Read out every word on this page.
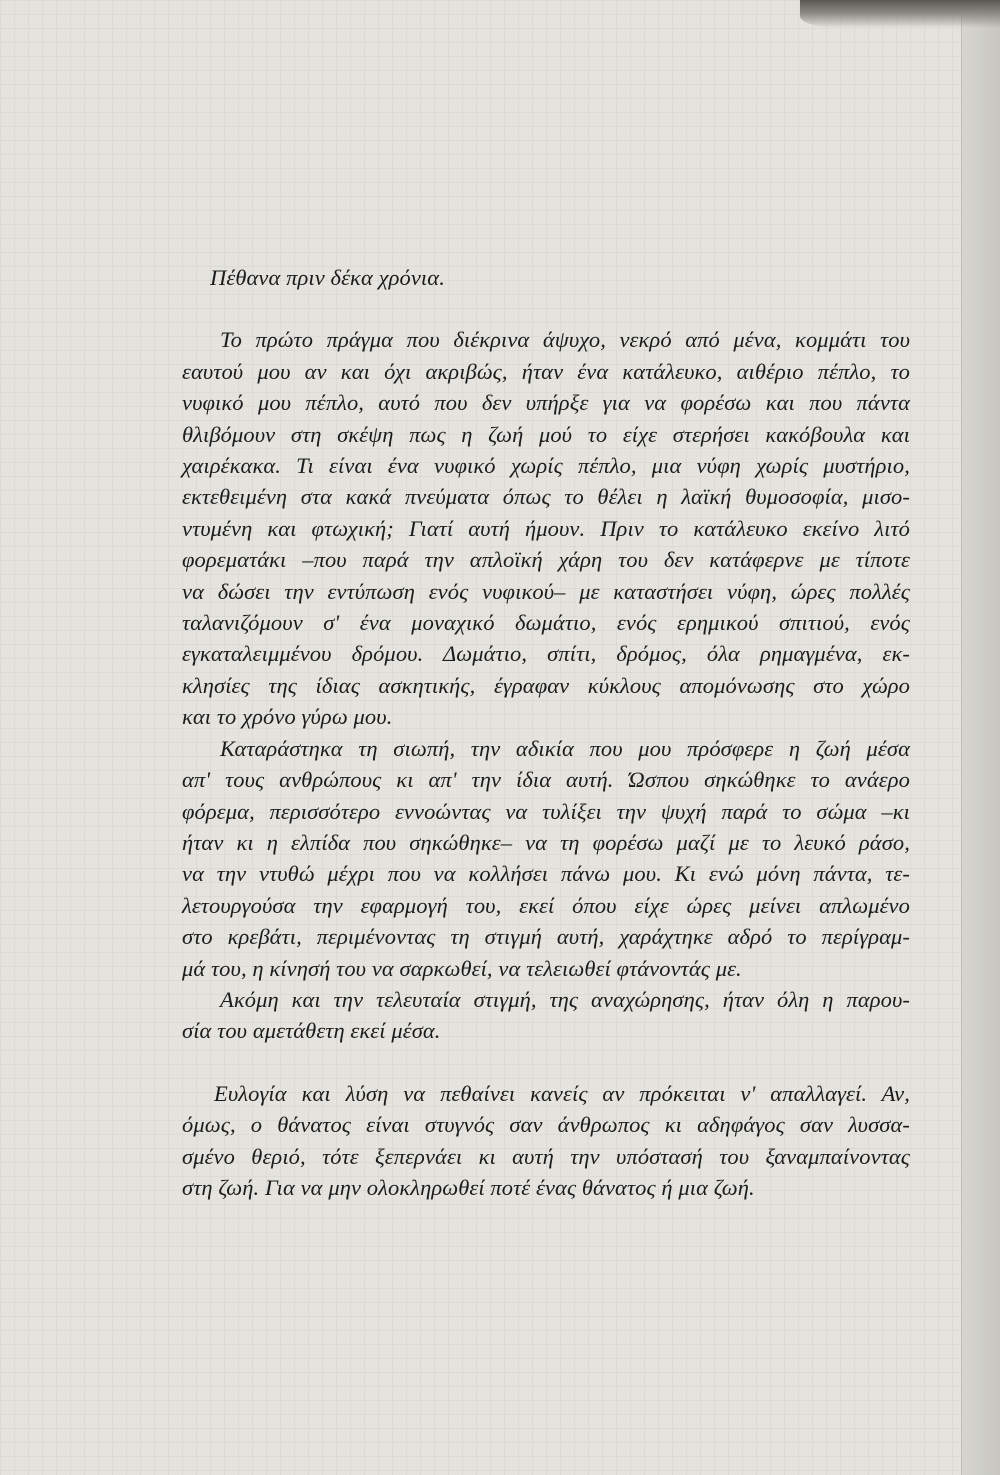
Πέθανα πριν δέκα χρόνια.
Το πρώτο πράγμα που διέκρινα άψυχο, νεκρό από μένα, κομμάτι του
εαυτού μου αν και όχι ακριβώς, ήταν ένα κατάλευκο, αιθέριο πέπλο, το
νυφικό μου πέπλο, αυτό που δεν υπήρξε για να φορέσω και που πάντα
θλιβόμουν στη σκέψη πως η ζωή μού το είχε στερήσει κακόβουλα και
χαιρέκακα. Τι είναι ένα νυφικό χωρίς πέπλο, μια νύφη χωρίς μυστήριο,
εκτεθειμένη στα κακά πνεύματα όπως το θέλει η λαϊκή θυμοσοφία, μισο-
ντυμένη και φτωχική; Γιατί αυτή ήμουν. Πριν το κατάλευκο εκείνο λιτό
φορεματάκι –που παρά την απλοϊκή χάρη του δεν κατάφερνε με τίποτε
να δώσει την εντύπωση ενός νυφικού– με καταστήσει νύφη, ώρες πολλές
ταλανιζόμουν σ' ένα μοναχικό δωμάτιο, ενός ερημικού σπιτιού, ενός
εγκαταλειμμένου δρόμου. Δωμάτιο, σπίτι, δρόμος, όλα ρημαγμένα, εκ-
κλησίες της ίδιας ασκητικής, έγραφαν κύκλους απομόνωσης στο χώρο
και το χρόνο γύρω μου.
Καταράστηκα τη σιωπή, την αδικία που μου πρόσφερε η ζωή μέσα
απ' τους ανθρώπους κι απ' την ίδια αυτή. Ώσπου σηκώθηκε το ανάερο
φόρεμα, περισσότερο εννοώντας να τυλίξει την ψυχή παρά το σώμα –κι
ήταν κι η ελπίδα που σηκώθηκε– να τη φορέσω μαζί με το λευκό ράσο,
να την ντυθώ μέχρι που να κολλήσει πάνω μου. Κι ενώ μόνη πάντα, τε-
λετουργούσα την εφαρμογή του, εκεί όπου είχε ώρες μείνει απλωμένο
στο κρεβάτι, περιμένοντας τη στιγμή αυτή, χαράχτηκε αδρό το περίγραμ-
μά του, η κίνησή του να σαρκωθεί, να τελειωθεί φτάνοντάς με.
Ακόμη και την τελευταία στιγμή, της αναχώρησης, ήταν όλη η παρου-
σία του αμετάθετη εκεί μέσα.
Ευλογία και λύση να πεθαίνει κανείς αν πρόκειται ν' απαλλαγεί. Αν,
όμως, ο θάνατος είναι στυγνός σαν άνθρωπος κι αδηφάγος σαν λυσσα-
σμένο θεριό, τότε ξεπερνάει κι αυτή την υπόστασή του ξαναμπαίνοντας
στη ζωή. Για να μην ολοκληρωθεί ποτέ ένας θάνατος ή μια ζωή.
